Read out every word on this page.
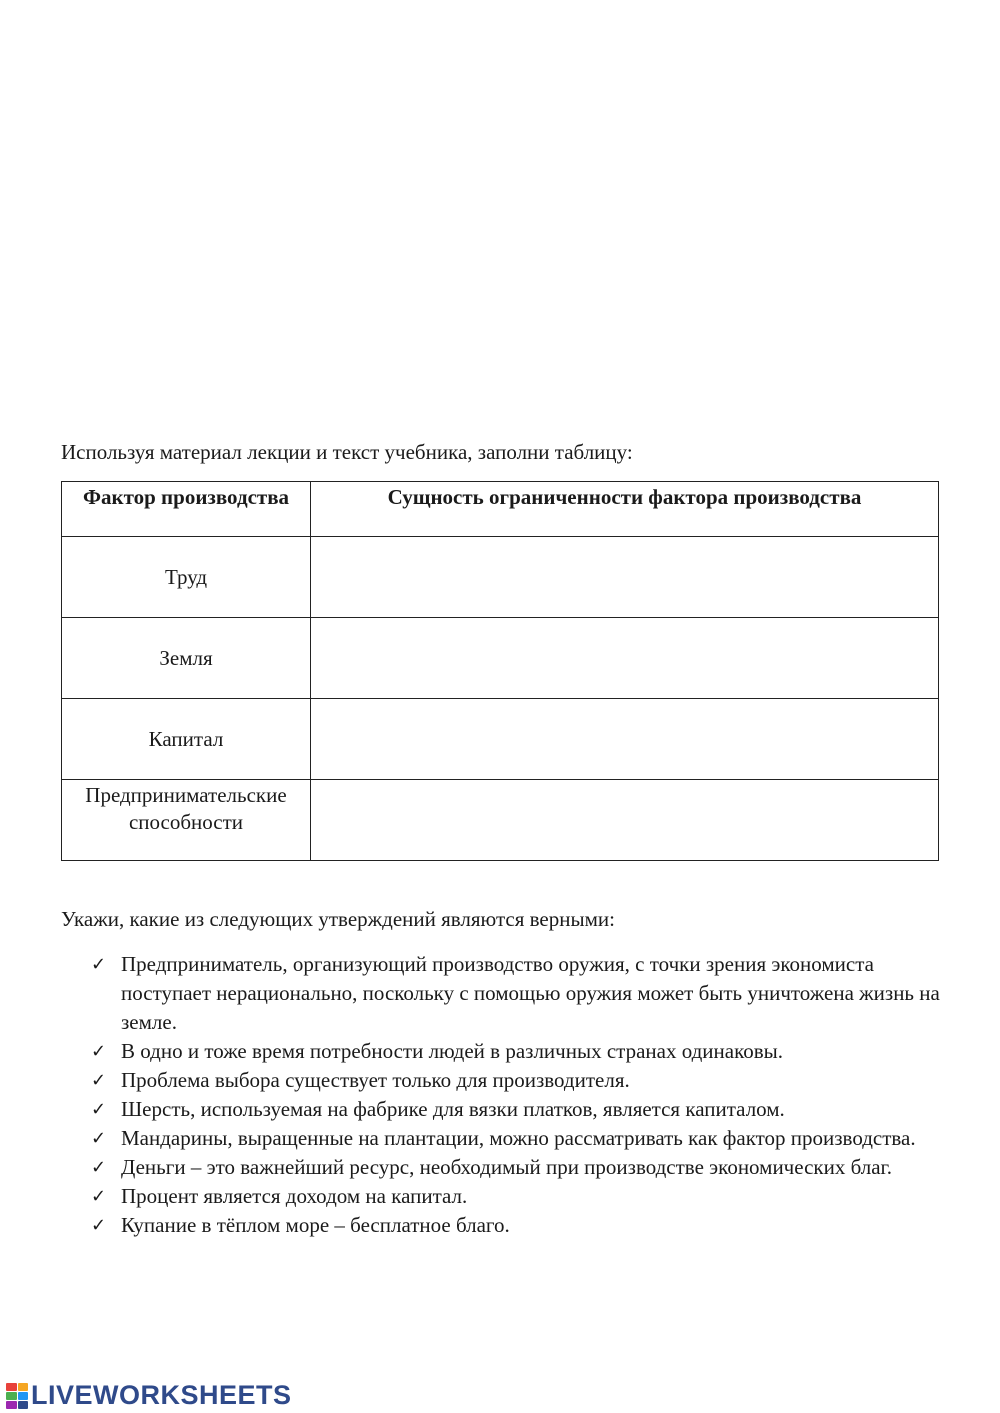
Используя материал лекции и текст учебника, заполни таблицу:
Фактор производства	Сущность ограниченности фактора производства
Труд	
Земля	
Капитал	
Предпринимательские способности	
Укажи, какие из следующих утверждений являются верными:
✓ Предприниматель, организующий производство оружия, с точки зрения экономиста поступает нерационально, поскольку с помощью оружия может быть уничтожена жизнь на земле.
✓ В одно и тоже время потребности людей в различных странах одинаковы.
✓ Проблема выбора существует только для производителя.
✓ Шерсть, используемая на фабрике для вязки платков, является капиталом.
✓ Мандарины, выращенные на плантации, можно рассматривать как фактор производства.
✓ Деньги – это важнейший ресурс, необходимый при производстве экономических благ.
✓ Процент является доходом на капитал.
✓ Купание в тёплом море – бесплатное благо.
LIVEWORKSHEETS
